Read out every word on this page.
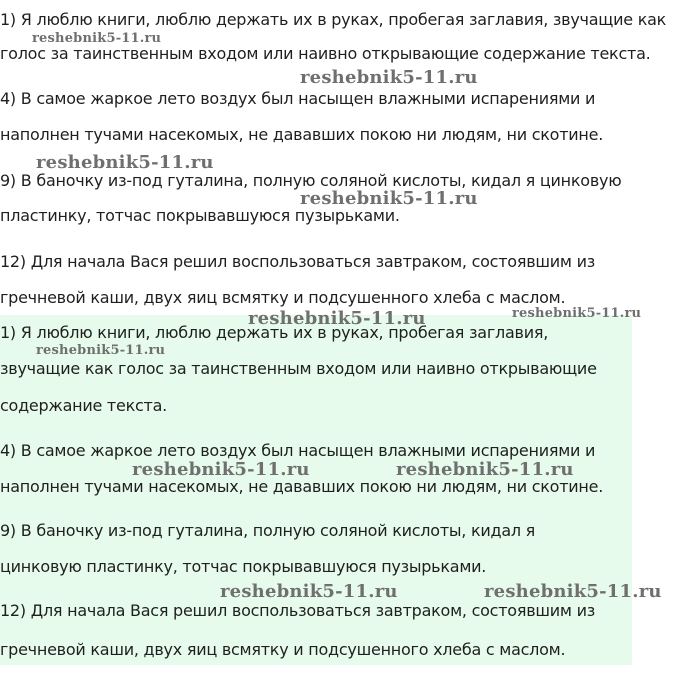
1) Я люблю книги, люблю держать их в руках, пробегая заглавия, звучащие как
голос за таинственным входом или наивно открывающие содержание текста.
4) В самое жаркое лето воздух был насыщен влажными испарениями и
наполнен тучами насекомых, не дававших покою ни людям, ни скотине.
9) В баночку из-под гуталина, полную соляной кислоты, кидал я цинковую
пластинку, тотчас покрывавшуюся пузырьками.
12) Для начала Вася решил воспользоваться завтраком, состоявшим из
гречневой каши, двух яиц всмятку и подсушенного хлеба с маслом.
1) Я люблю книги, люблю держать их в руках, пробегая заглавия,
звучащие как голос за таинственным входом или наивно открывающие
содержание текста.
4) В самое жаркое лето воздух был насыщен влажными испарениями и
наполнен тучами насекомых, не дававших покою ни людям, ни скотине.
9) В баночку из-под гуталина, полную соляной кислоты, кидал я
цинковую пластинку, тотчас покрывавшуюся пузырьками.
12) Для начала Вася решил воспользоваться завтраком, состоявшим из
гречневой каши, двух яиц всмятку и подсушенного хлеба с маслом.
reshebnik5-11.ru
reshebnik5-11.ru
reshebnik5-11.ru
reshebnik5-11.ru
reshebnik5-11.ru	reshebnik5-11.ru
reshebnik5-11.ru
reshebnik5-11.ru	reshebnik5-11.ru
reshebnik5-11.ru	reshebnik5-11.ru
